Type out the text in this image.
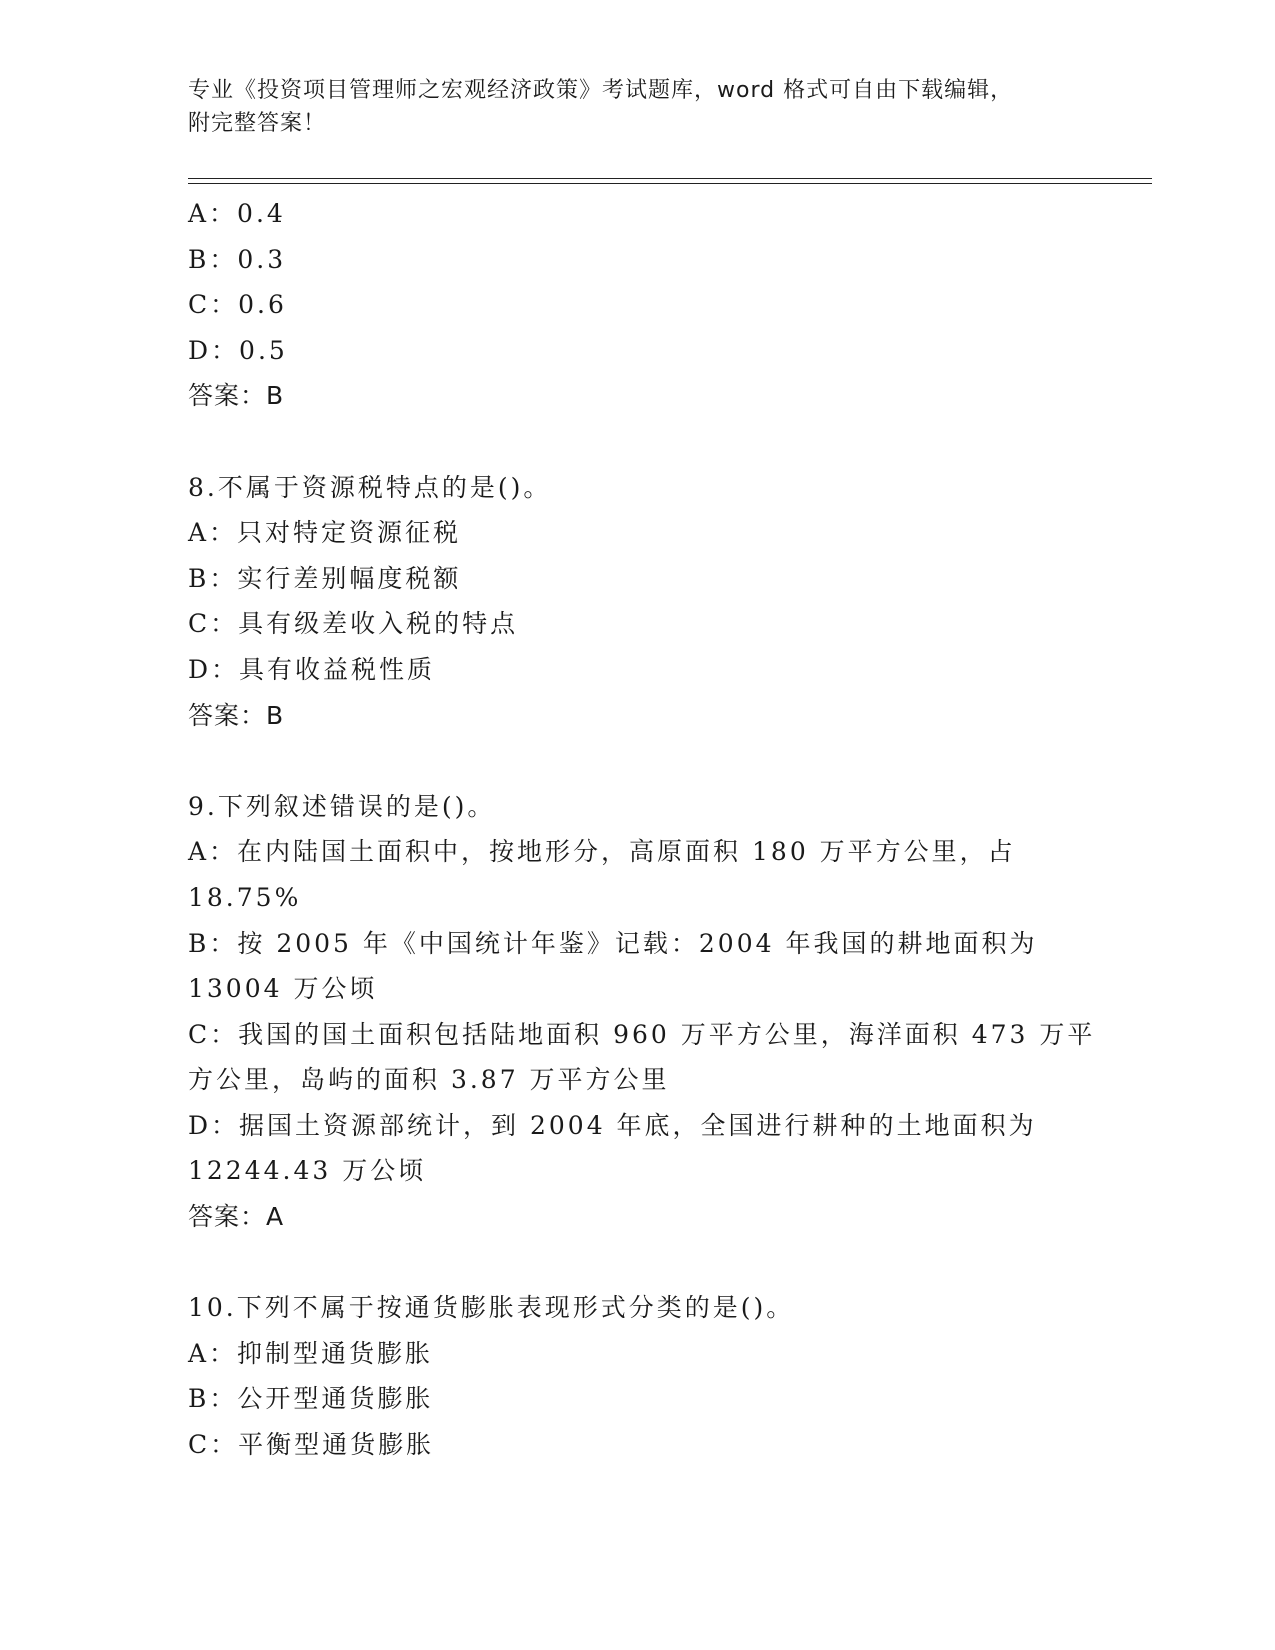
专业《投资项目管理师之宏观经济政策》考试题库，word 格式可自由下载编辑，
附完整答案！
A：0.4
B：0.3
C：0.6
D：0.5
答案：B
8.不属于资源税特点的是()。
A：只对特定资源征税
B：实行差别幅度税额
C：具有级差收入税的特点
D：具有收益税性质
答案：B
9.下列叙述错误的是()。
A：在内陆国土面积中，按地形分，高原面积 180 万平方公里，占
18.75%
B：按 2005 年《中国统计年鉴》记载：2004 年我国的耕地面积为
13004 万公顷
C：我国的国土面积包括陆地面积 960 万平方公里，海洋面积 473 万平
方公里，岛屿的面积 3.87 万平方公里
D：据国土资源部统计，到 2004 年底，全国进行耕种的土地面积为
12244.43 万公顷
答案：A
10.下列不属于按通货膨胀表现形式分类的是()。
A：抑制型通货膨胀
B：公开型通货膨胀
C：平衡型通货膨胀
